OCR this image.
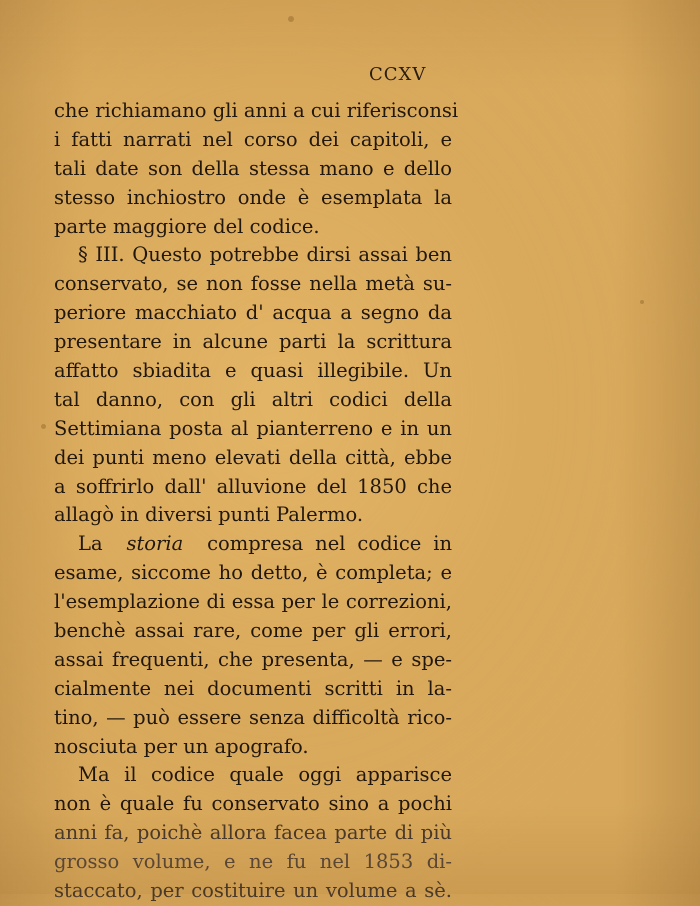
CCXV
che richiamano gli anni a cui riferisconsi
i fatti narrati nel corso dei capitoli, e
tali date son della stessa mano e dello
stesso inchiostro onde è esemplata la
parte maggiore del codice.
§ III. Questo potrebbe dirsi assai ben
conservato, se non fosse nella metà su-
periore macchiato d' acqua a segno da
presentare in alcune parti la scrittura
affatto sbiadita e quasi illegibile. Un
tal danno, con gli altri codici della
Settimiana posta al pianterreno e in un
dei punti meno elevati della città, ebbe
a soffrirlo dall' alluvione del 1850 che
allagò in diversi punti Palermo.
La storia compresa nel codice in
esame, siccome ho detto, è completa; e
l'esemplazione di essa per le correzioni,
benchè assai rare, come per gli errori,
assai frequenti, che presenta, — e spe-
cialmente nei documenti scritti in la-
tino, — può essere senza difficoltà rico-
nosciuta per un apografo.
Ma il codice quale oggi apparisce
non è quale fu conservato sino a pochi
anni fa, poichè allora facea parte di più
grosso volume, e ne fu nel 1853 di-
staccato, per costituire un volume a sè.
